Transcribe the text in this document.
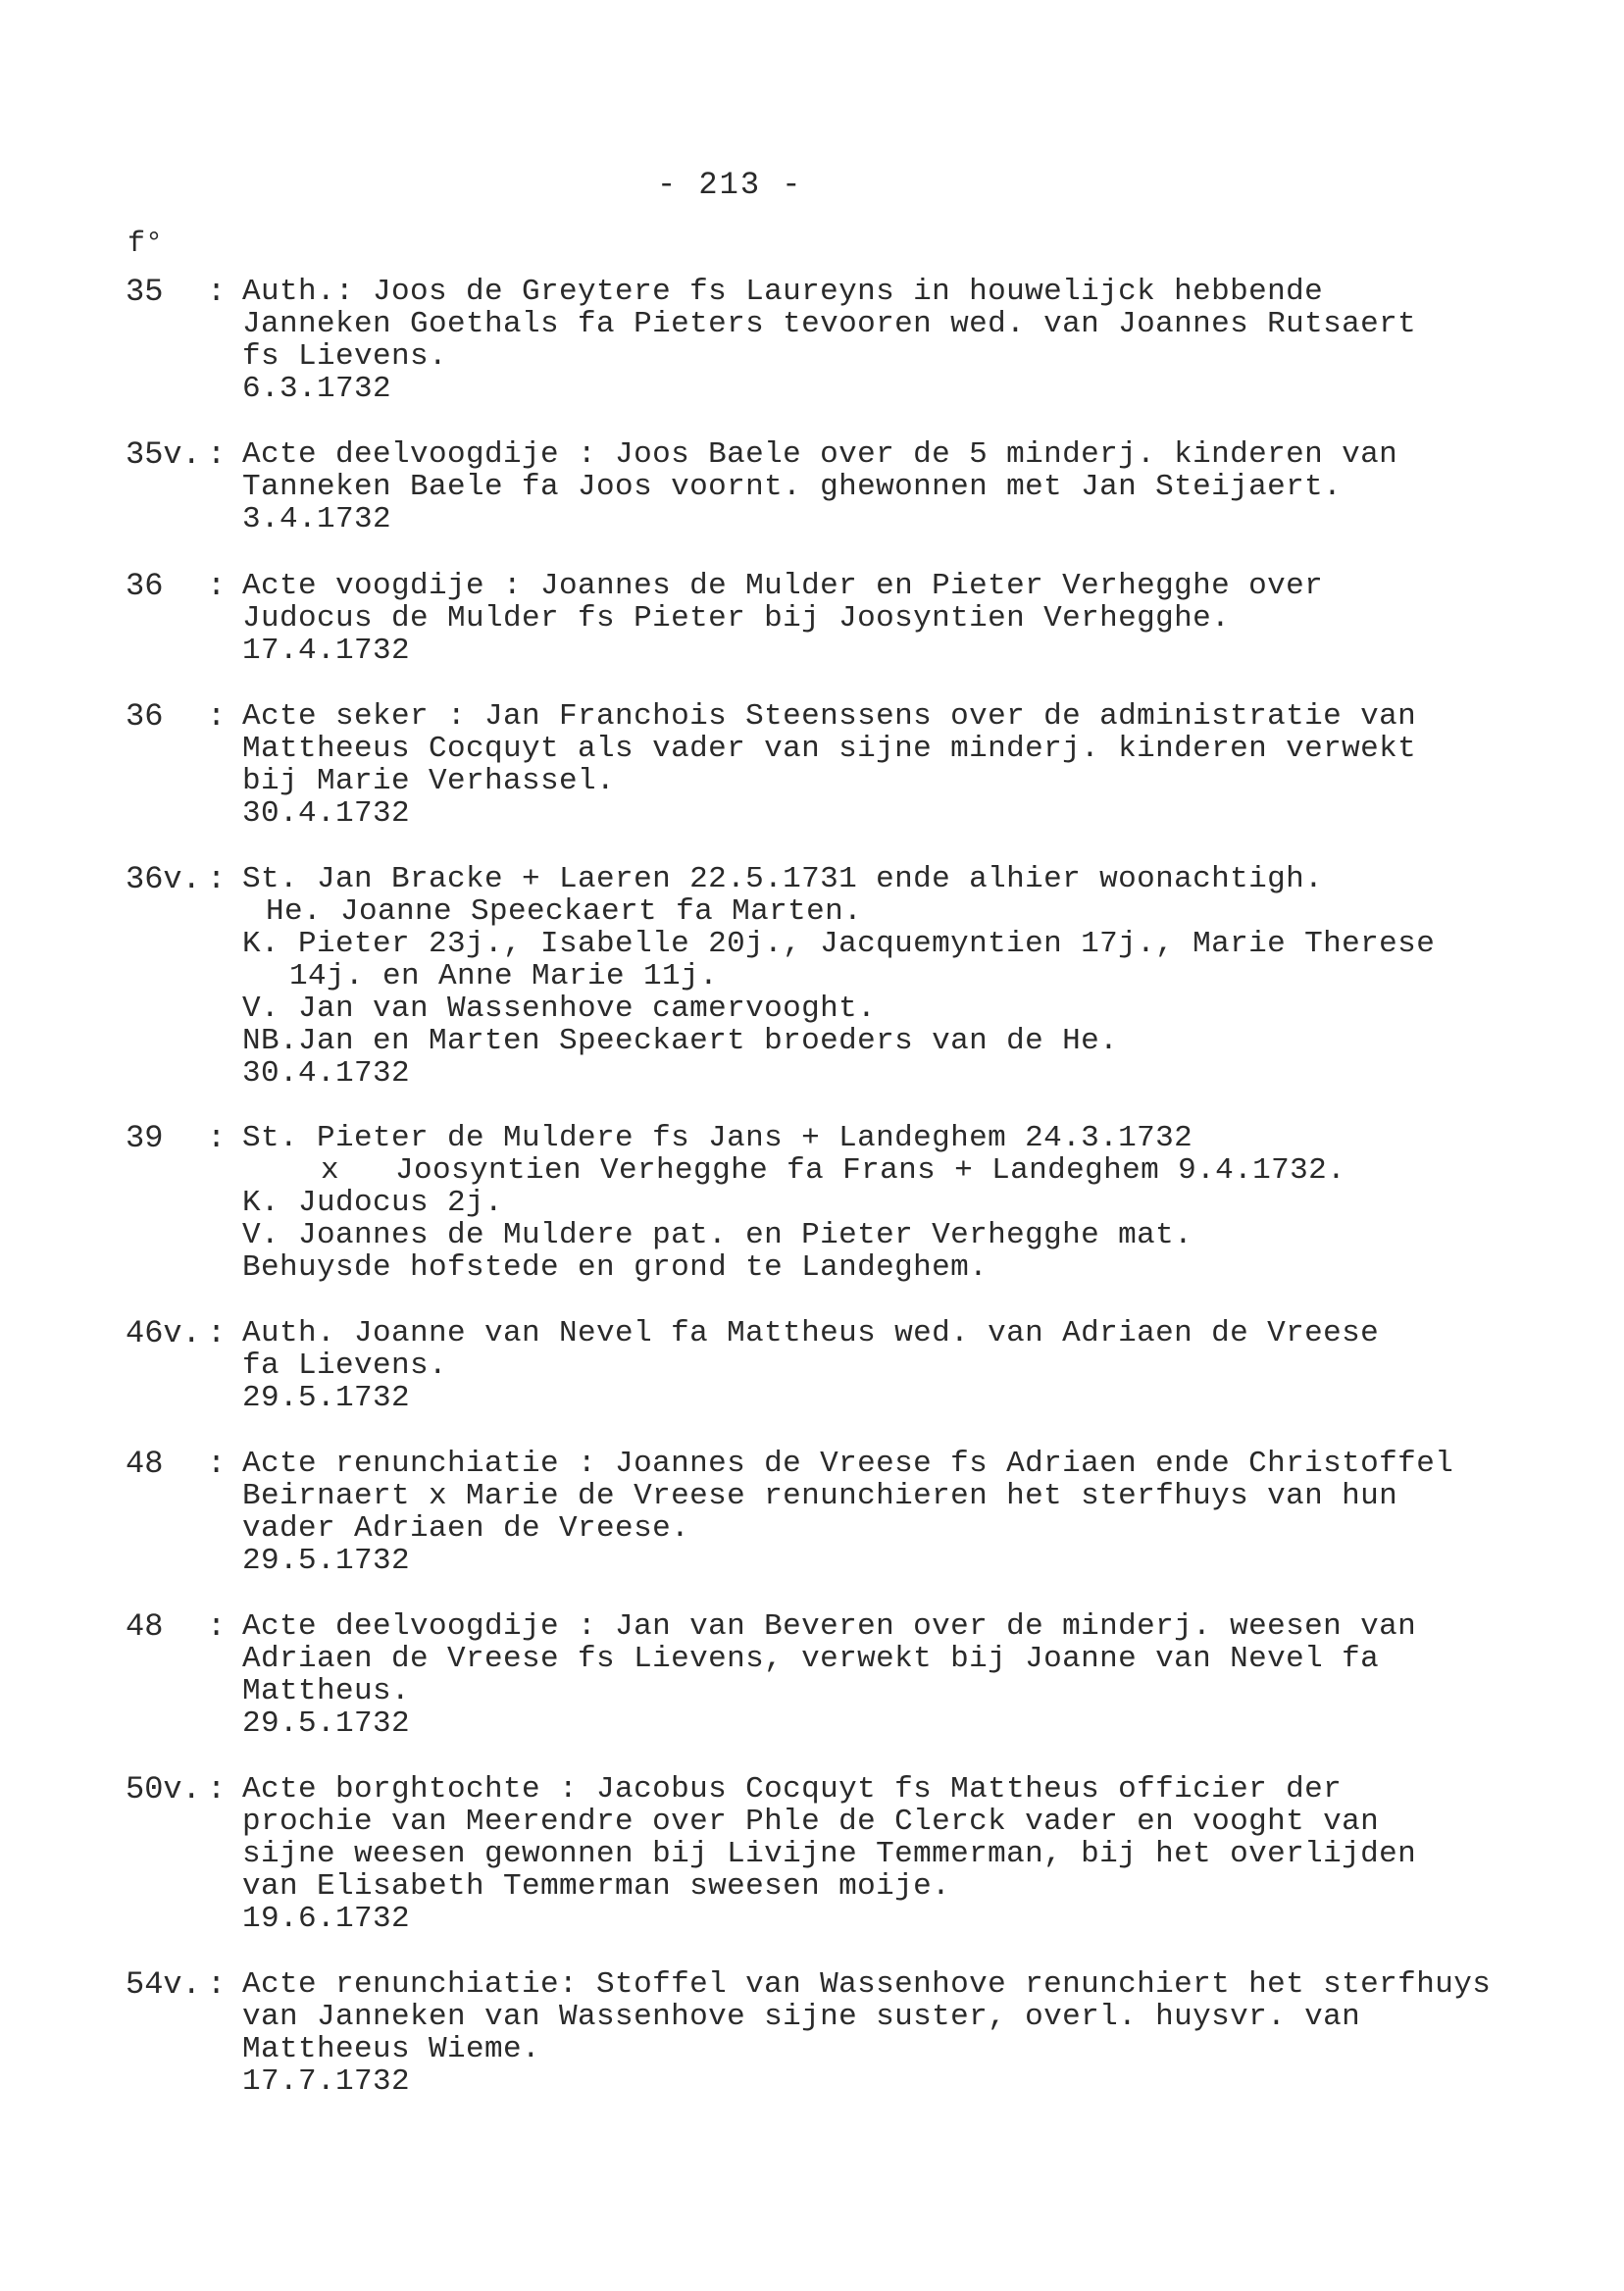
- 213 -
f°
35 : Auth.: Joos de Greytere fs Laureyns in houwelijck hebbende
Janneken Goethals fa Pieters tevooren wed. van Joannes Rutsaert
fs Lievens.
6.3.1732
35v. : Acte deelvoogdije : Joos Baele over de 5 minderj. kinderen van
Tanneken Baele fa Joos voornt. ghewonnen met Jan Steijaert.
3.4.1732
36 : Acte voogdije : Joannes de Mulder en Pieter Verhegghe over
Judocus de Mulder fs Pieter bij Joosyntien Verhegghe.
17.4.1732
36 : Acte seker : Jan Franchois Steenssens over de administratie van
Mattheeus Cocquyt als vader van sijne minderj. kinderen verwekt
bij Marie Verhassel.
30.4.1732
36v. : St. Jan Bracke + Laeren 22.5.1731 ende alhier woonachtigh.
He. Joanne Speeckaert fa Marten.
K. Pieter 23j., Isabelle 20j., Jacquemyntien 17j., Marie Therese
14j. en Anne Marie 11j.
V. Jan van Wassenhove camervooght.
NB.Jan en Marten Speeckaert broeders van de He.
30.4.1732
39 : St. Pieter de Muldere fs Jans + Landeghem 24.3.1732
x   Joosyntien Verhegghe fa Frans + Landeghem 9.4.1732.
K. Judocus 2j.
V. Joannes de Muldere pat. en Pieter Verhegghe mat.
Behuysde hofstede en grond te Landeghem.
46v. : Auth. Joanne van Nevel fa Mattheus wed. van Adriaen de Vreese
fa Lievens.
29.5.1732
48 : Acte renunchiatie : Joannes de Vreese fs Adriaen ende Christoffel
Beirnaert x Marie de Vreese renunchieren het sterfhuys van hun
vader Adriaen de Vreese.
29.5.1732
48 : Acte deelvoogdije : Jan van Beveren over de minderj. weesen van
Adriaen de Vreese fs Lievens, verwekt bij Joanne van Nevel fa
Mattheus.
29.5.1732
50v. : Acte borghtochte : Jacobus Cocquyt fs Mattheus officier der
prochie van Meerendre over Phle de Clerck vader en vooght van
sijne weesen gewonnen bij Livijne Temmerman, bij het overlijden
van Elisabeth Temmerman sweesen moije.
19.6.1732
54v. : Acte renunchiatie: Stoffel van Wassenhove renunchiert het sterfhuys
van Janneken van Wassenhove sijne suster, overl. huysvr. van
Mattheeus Wieme.
17.7.1732
